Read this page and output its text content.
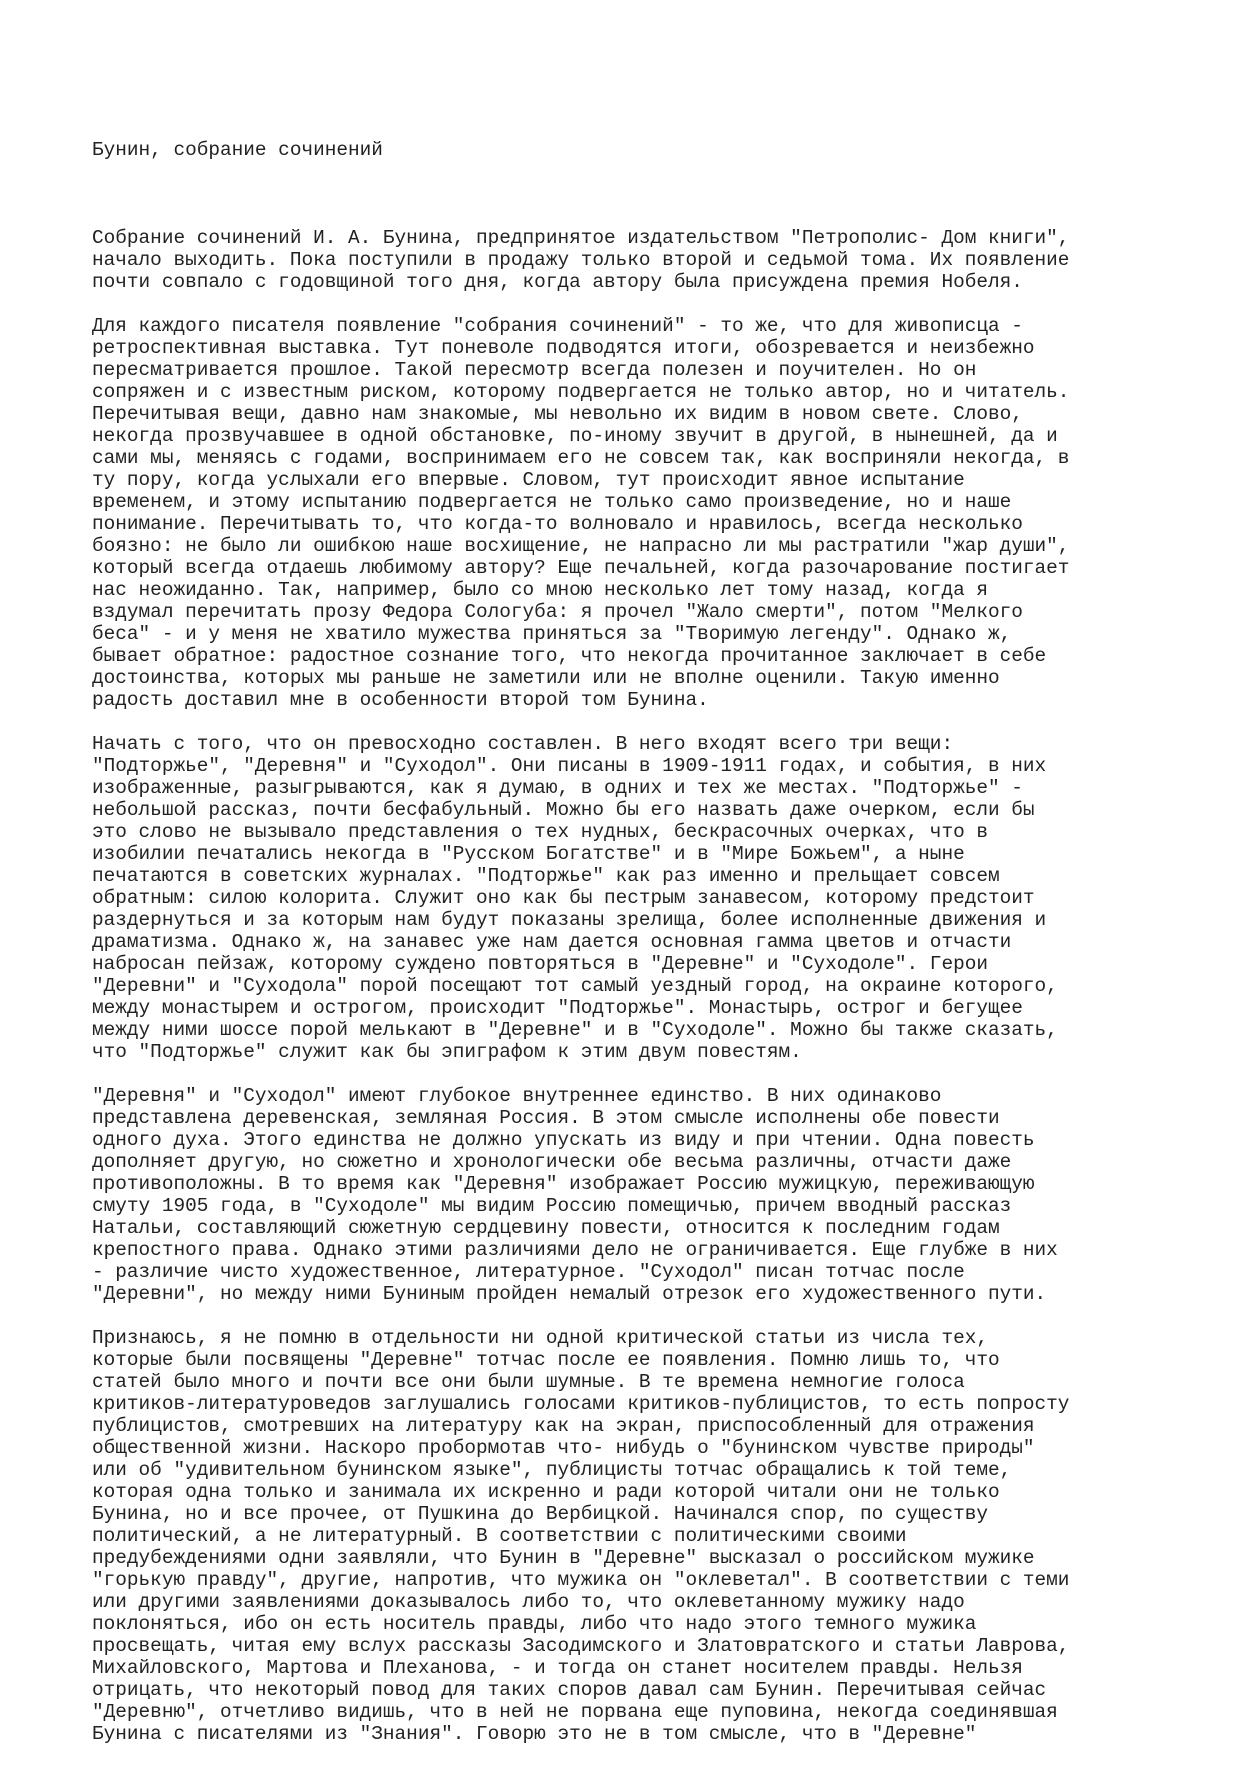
Бунин, собрание сочинений

Собрание сочинений И. А. Бунина, предпринятое издательством "Петрополис- Дом книги",
начало выходить. Пока поступили в продажу только второй и седьмой тома. Их появление
почти совпало с годовщиной того дня, когда автору была присуждена премия Нобеля.
Для каждого писателя появление "собрания сочинений" - то же, что для живописца -
ретроспективная выставка. Тут поневоле подводятся итоги, обозревается и неизбежно
пересматривается прошлое. Такой пересмотр всегда полезен и поучителен. Но он
сопряжен и с известным риском, которому подвергается не только автор, но и читатель.
Перечитывая вещи, давно нам знакомые, мы невольно их видим в новом свете. Слово,
некогда прозвучавшее в одной обстановке, по-иному звучит в другой, в нынешней, да и
сами мы, меняясь с годами, воспринимаем его не совсем так, как восприняли некогда, в
ту пору, когда услыхали его впервые. Словом, тут происходит явное испытание
временем, и этому испытанию подвергается не только само произведение, но и наше
понимание. Перечитывать то, что когда-то волновало и нравилось, всегда несколько
боязно: не было ли ошибкою наше восхищение, не напрасно ли мы растратили "жар души",
который всегда отдаешь любимому автору? Еще печальней, когда разочарование постигает
нас неожиданно. Так, например, было со мною несколько лет тому назад, когда я
вздумал перечитать прозу Федора Сологуба: я прочел "Жало смерти", потом "Мелкого
беса" - и у меня не хватило мужества приняться за "Творимую легенду". Однако ж,
бывает обратное: радостное сознание того, что некогда прочитанное заключает в себе
достоинства, которых мы раньше не заметили или не вполне оценили. Такую именно
радость доставил мне в особенности второй том Бунина.
Начать с того, что он превосходно составлен. В него входят всего три вещи:
"Подторжье", "Деревня" и "Суходол". Они писаны в 1909-1911 годах, и события, в них
изображенные, разыгрываются, как я думаю, в одних и тех же местах. "Подторжье" -
небольшой рассказ, почти бесфабульный. Можно бы его назвать даже очерком, если бы
это слово не вызывало представления о тех нудных, бескрасочных очерках, что в
изобилии печатались некогда в "Русском Богатстве" и в "Мире Божьем", а ныне
печатаются в советских журналах. "Подторжье" как раз именно и прельщает совсем
обратным: силою колорита. Служит оно как бы пестрым занавесом, которому предстоит
раздернуться и за которым нам будут показаны зрелища, более исполненные движения и
драматизма. Однако ж, на занавес уже нам дается основная гамма цветов и отчасти
набросан пейзаж, которому суждено повторяться в "Деревне" и "Суходоле". Герои
"Деревни" и "Суходола" порой посещают тот самый уездный город, на окраине которого,
между монастырем и острогом, происходит "Подторжье". Монастырь, острог и бегущее
между ними шоссе порой мелькают в "Деревне" и в "Суходоле". Можно бы также сказать,
что "Подторжье" служит как бы эпиграфом к этим двум повестям.
"Деревня" и "Суходол" имеют глубокое внутреннее единство. В них одинаково
представлена деревенская, земляная Россия. В этом смысле исполнены обе повести
одного духа. Этого единства не должно упускать из виду и при чтении. Одна повесть
дополняет другую, но сюжетно и хронологически обе весьма различны, отчасти даже
противоположны. В то время как "Деревня" изображает Россию мужицкую, переживающую
смуту 1905 года, в "Суходоле" мы видим Россию помещичью, причем вводный рассказ
Натальи, составляющий сюжетную сердцевину повести, относится к последним годам
крепостного права. Однако этими различиями дело не ограничивается. Еще глубже в них
- различие чисто художественное, литературное. "Суходол" писан тотчас после
"Деревни", но между ними Буниным пройден немалый отрезок его художественного пути.
Признаюсь, я не помню в отдельности ни одной критической статьи из числа тех,
которые были посвящены "Деревне" тотчас после ее появления. Помню лишь то, что
статей было много и почти все они были шумные. В те времена немногие голоса
критиков-литературоведов заглушались голосами критиков-публицистов, то есть попросту
публицистов, смотревших на литературу как на экран, приспособленный для отражения
общественной жизни. Наскоро пробормотав что- нибудь о "бунинском чувстве природы"
или об "удивительном бунинском языке", публицисты тотчас обращались к той теме,
которая одна только и занимала их искренно и ради которой читали они не только
Бунина, но и все прочее, от Пушкина до Вербицкой. Начинался спор, по существу
политический, а не литературный. В соответствии с политическими своими
предубеждениями одни заявляли, что Бунин в "Деревне" высказал о российском мужике
"горькую правду", другие, напротив, что мужика он "оклеветал". В соответствии с теми
или другими заявлениями доказывалось либо то, что оклеветанному мужику надо
поклоняться, ибо он есть носитель правды, либо что надо этого темного мужика
просвещать, читая ему вслух рассказы Засодимского и Златовратского и статьи Лаврова,
Михайловского, Мартова и Плеханова, - и тогда он станет носителем правды. Нельзя
отрицать, что некоторый повод для таких споров давал сам Бунин. Перечитывая сейчас
"Деревню", отчетливо видишь, что в ней не порвана еще пуповина, некогда соединявшая
Бунина с писателями из "Знания". Говорю это не в том смысле, что в "Деревне"
